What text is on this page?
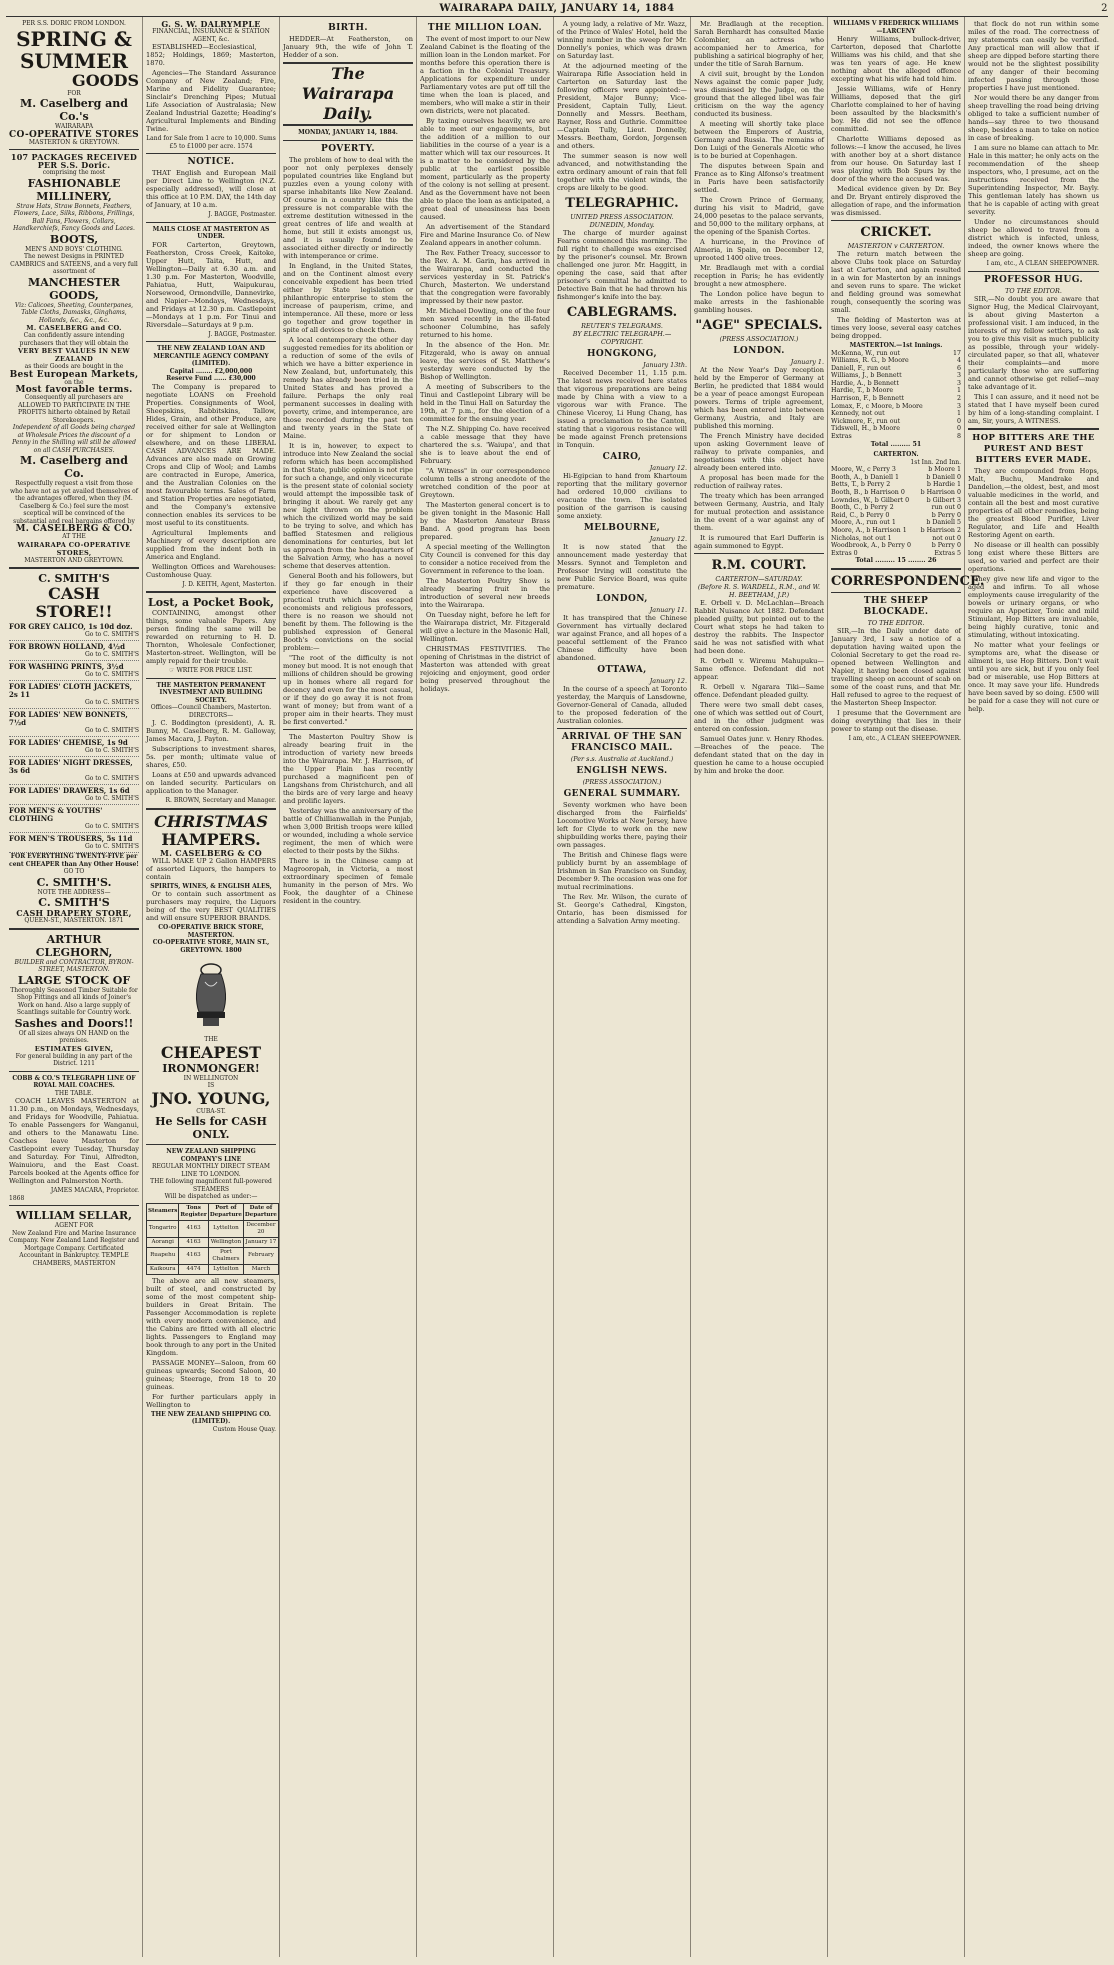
WAIRARAPA DAILY, JANUARY 14, 1884	2
PER S.S. DORIC FROM LONDON.
SPRING &
SUMMER
GOODS
FOR
M. Caselberg and Co.'s
WAIRARAPA
CO-OPERATIVE STORES
MASTERTON & GREYTOWN.
107 PACKAGES RECEIVED PER S.S. Doric.
comprising the most
FASHIONABLE
MILLINERY,
Straw Hats, Straw Bonnets, Feathers, Flowers, Lace, Silks, Ribbons, Frillings, Ball Fans, Flowers, Collars, Handkerchiefs, Fancy Goods and Laces.
BOOTS,
MEN'S AND BOYS' CLOTHING.
The newest Designs in PRINTED CAMBRICS and SATEENS, and a very full assortment of
MANCHESTER GOODS,
Viz: Calicoes, Sheeting, Counterpanes, Table Cloths, Damasks, Ginghams, Hollands, &c., &c., &c.
M. CASELBERG and CO.
Can confidently assure intending purchasers that they will obtain the
VERY BEST VALUES IN NEW ZEALAND
as their Goods are bought in the
Best European Markets,
on the
Most favorable terms.
Consequently all purchasers are ALLOWED TO PARTICIPATE IN THE PROFITS hitherto obtained by Retail Storekeepers.
Independent of all Goods being charged at Wholesale Prices the discount of a Penny in the Shilling will still be allowed on all CASH PURCHASES.
M. Caselberg and Co.
Respectfully request a visit from those who have not as yet availed themselves of the advantages offered, when they (M. Caselberg & Co.) feel sure the most sceptical will be convinced of the substantial and real bargains offered by
M. CASELBERG & CO.
AT THE
WAIRARAPA CO-OPERATIVE STORES,
MASTERTON AND GREYTOWN.
C. SMITH'S
CASH STORE!!
FOR GREY CALICO, 1s 10d doz.
Go to C. SMITH'S
FOR BROWN HOLLAND, 4½d
Go to C. SMITH'S
FOR WASHING PRINTS, 3½d
Go to C. SMITH'S
FOR LADIES' CLOTH JACKETS, 2s 11
Go to C. SMITH'S
FOR LADIES' NEW BONNETS, 7½d
Go to C. SMITH'S
FOR LADIES' CHEMISE, 1s 9d
Go to C. SMITH'S
FOR LADIES' NIGHT DRESSES, 3s 6d
Go to C. SMITH'S
FOR LADIES' DRAWERS, 1s 6d
Go to C. SMITH'S
FOR MEN'S & YOUTHS' CLOTHING
Go to C. SMITH'S
FOR MEN'S TROUSERS, 5s 11d
Go to C. SMITH'S
FOR EVERYTHING TWENTY-FIVE per cent CHEAPER than Any Other House!
GO TO
C. SMITH'S.
NOTE THE ADDRESS—
C. SMITH'S
CASH DRAPERY STORE,
QUEEN-ST., MASTERTON. 1871
ARTHUR CLEGHORN,
BUILDER and CONTRACTOR, BYRON-STREET, MASTERTON.
LARGE STOCK OF
Thoroughly Seasoned Timber Suitable for Shop Fittings and all kinds of Joiner's Work on hand. Also a large supply of Scantlings suitable for Country work.
Sashes and Doors!!
Of all sizes always ON HAND on the premises.
ESTIMATES GIVEN,
For general building in any part of the District. 1211
COBB & CO.'S TELEGRAPH LINE OF ROYAL MAIL COACHES.
THE TABLE.

COACH LEAVES MASTERTON at 11.30 p.m., on Mondays, Wednesdays, and Fridays for Woodville, Pahiatua. To enable Passengers for Wanganui, and others to the Manawatu Line. Coaches leave Masterton for Castlepoint every Tuesday, Thursday and Saturday. For Tinui, Alfredton, Wainuioru, and the East Coast. Parcels booked at the Agents office for Wellington and Palmerston North.

JAMES MACARA, Proprietor.
1868
WILLIAM SELLAR,
AGENT FOR
New Zealand Fire and Marine Insurance Company. New Zealand Land Register and Mortgage Company. Certificated Accountant in Bankruptcy. TEMPLE CHAMBERS, MASTERTON
G. S. W. DALRYMPLE
FINANCIAL, INSURANCE & STATION AGENT, &c.

ESTABLISHED—Ecclesiastical, 1852; Holdings, 1869; Masterton, 1870.

Agencies—The Standard Assurance Company of New Zealand; Fire, Marine and Fidelity Guarantee; Sinclair's Drenching Pipes; Mutual Life Association of Australasia; New Zealand Industrial Gazette; Heading's Agricultural Implements and Binding Twine.

Land for Sale from 1 acre to 10,000. Sums £5 to £1000 per acre. 1574
NOTICE.

THAT English and European Mail per Direct Line to Wellington (N.Z. especially addressed), will close at this office at 10 P.M. DAY, the 14th day of January, at 10 a.m.

J. BAGGE, Postmaster.
MAILS CLOSE AT MASTERTON AS UNDER.

FOR Carterton, Greytown, Featherston, Cross Creek, Kaitoke, Upper Hutt, Taita, Hutt, and Wellington—Daily at 6.30 a.m. and 1.30 p.m. For Masterton, Woodville, Pahiatua, Hutt, Waipukurau, Norsewood, Ormondville, Dannevirke, and Napier—Mondays, Wednesdays, and Fridays at 12.30 p.m. Castlepoint—Mondays at 1 p.m. For Tinui and Riversdale—Saturdays at 9 p.m.

J. BAGGE, Postmaster.
THE NEW ZEALAND LOAN AND MERCANTILE AGENCY COMPANY (LIMITED).
Capital ........ £2,000,000
Reserve Fund ...... £30,000

The Company is prepared to negotiate LOANS on Freehold Properties. Consignments of Wool, Sheepskins, Rabbitskins, Tallow, Hides, Grain, and other Produce, are received either for sale at Wellington or for shipment to London or elsewhere, and on these LIBERAL CASH ADVANCES ARE MADE. Advances are also made on Growing Crops and Clip of Wool; and Lambs are contracted in Europe, America, and the Australian Colonies on the most favourable terms. Sales of Farm and Station Properties are negotiated, and the Company's extensive connection enables its services to be most useful to its constituents.

Agricultural Implements and Machinery of every description are supplied from the indent both in America and England.

Wellington Offices and Warehouses: Customhouse Quay.

J. D. KEITH, Agent, Masterton.
Lost, a Pocket Book,

CONTAINING, amongst other things, some valuable Papers. Any person finding the same will be rewarded on returning to H. D. Thornton, Wholesale Confectioner, Masterton-street. Wellington, will be amply repaid for their trouble.

☞ WRITE FOR PRICE LIST.
THE MASTERTON PERMANENT INVESTMENT AND BUILDING SOCIETY.
Offices—Council Chambers, Masterton.
DIRECTORS—

J. C. Boddington (president), A. R. Bunny, M. Caselberg, R. M. Galloway, James Macara, J. Payton.

Subscriptions to investment shares, 5s. per month; ultimate value of shares, £50.

Loans at £50 and upwards advanced on landed security. Particulars on application to the Manager.

R. BROWN, Secretary and Manager.
CHRISTMAS
HAMPERS.
M. CASELBERG & CO

WILL MAKE UP 2 Gallon HAMPERS of assorted Liquors, the hampers to contain

SPIRITS, WINES, & ENGLISH ALES,

Or to contain such assortment as purchasers may require, the Liquors being of the very BEST QUALITIES and will ensure SUPERIOR BRANDS.

CO-OPERATIVE BRICK STORE, MASTERTON.
CO-OPERATIVE STORE, MAIN ST., GREYTOWN. 1800
THE
CHEAPEST
IRONMONGER!
IN WELLINGTON
IS
JNO. YOUNG,
CUBA-ST.
He Sells for CASH ONLY.
NEW ZEALAND SHIPPING COMPANY'S LINE
REGULAR MONTHLY DIRECT STEAM LINE TO LONDON.
THE following magnificent full-powered STEAMERS
Will be dispatched as under:—
Steamers	Tons Register	Port of Departure	Date of Departure
Tongariro	4163	Lyttelton	December 20
Aorangi	4163	Wellington	January 17
Ruapehu	4163	Port Chalmers	February
Kaikoura	4474	Lyttelton	March

The above are all new steamers, built of steel, and constructed by some of the most competent ship-builders in Great Britain. The Passenger Accommodation is replete with every modern convenience, and the Cabins are fitted with all electric lights. Passengers to England may book through to any port in the United Kingdom.

PASSAGE MONEY—Saloon, from 60 guineas upwards; Second Saloon, 40 guineas; Steerage, from 18 to 20 guineas.

For further particulars apply in Wellington to

THE NEW ZEALAND SHIPPING CO. (LIMITED).
Custom House Quay.
BIRTH.

HEDDER—At Featherston, on January 9th, the wife of John T. Hedder of a son.

The Wairarapa Daily.
MONDAY, JANUARY 14, 1884.
POVERTY.

The problem of how to deal with the poor not only perplexes densely populated countries like England but puzzles even a young colony with sparse inhabitants like New Zealand. Of course in a country like this the pressure is not comparable with the extreme destitution witnessed in the great centres of life and wealth at home, but still it exists amongst us, and it is usually found to be associated either directly or indirectly with intemperance or crime.

In England, in the United States, and on the Continent almost every conceivable expedient has been tried either by State legislation or philanthropic enterprise to stem the increase of pauperism, crime, and intemperance. All these, more or less go together and grow together in spite of all devices to check them.

A local contemporary the other day suggested remedies for its abolition or a reduction of some of the evils of which we have a bitter experience in New Zealand, but, unfortunately, this remedy has already been tried in the United States and has proved a failure. Perhaps the only real permanent successes in dealing with poverty, crime, and intemperance, are those recorded during the past ten and twenty years in the State of Maine.

It is in, however, to expect to introduce into New Zealand the social reform which has been accomplished in that State, public opinion is not ripe for such a change, and only vicecurate is the present state of colonial society would attempt the impossible task of bringing it about. We rarely get any new light thrown on the problem which the civilized world may be said to be trying to solve, and which has baffled Statesmen and religious denominations for centuries, but let us approach from the headquarters of the Salvation Army, who has a novel scheme that deserves attention.

General Booth and his followers, but if they go far enough in their experience have discovered a practical truth which has escaped economists and religious professors, there is no reason we should not benefit by them. The following is the published expression of General Booth's convictions on the social problem:—

"The root of the difficulty is not money but mood. It is not enough that millions of children should be growing up in homes where all regard for decency and even for the most casual, or if they do go away it is not from want of money; but from want of a proper aim in their hearts. They must be first converted."

The Masterton Poultry Show is already bearing fruit in the introduction of variety new breeds into the Wairarapa. Mr. J. Harrison, of the Upper Plain has recently purchased a magnificent pen of Langshans from Christchurch, and all the birds are of very large and heavy and prolific layers.

Yesterday was the anniversary of the battle of Chillianwallah in the Punjab, when 3,000 British troops were killed or wounded, including a whole service regiment, the men of which were elected to their posts by the Sikhs.

There is in the Chinese camp at Magrooropah, in Victoria, a most extraordinary specimen of female humanity in the person of Mrs. Wo Fook, the daughter of a Chinese resident in the country.

THE MILLION LOAN.

The event of most import to our New Zealand Cabinet is the floating of the million loan in the London market. For months before this operation there is a faction in the Colonial Treasury. Applications for expenditure under Parliamentary votes are put off till the time when the loan is placed, and members, who will make a stir in their own districts, were not placated.

By taxing ourselves heavily, we are able to meet our engagements, but the addition of a million to our liabilities in the course of a year is a matter which will tax our resources. It is a matter to be considered by the public at the earliest possible moment, particularly as the property of the colony is not selling at present. And as the Government have not been able to place the loan as anticipated, a great deal of uneasiness has been caused.

An advertisement of the Standard Fire and Marine Insurance Co. of New Zealand appears in another column.

The Rev. Father Treacy, successor to the Rev. A. M. Garin, has arrived in the Wairarapa, and conducted the services yesterday in St. Patrick's Church, Masterton. We understand that the congregation were favorably impressed by their new pastor.

Mr. Michael Dowling, one of the four men saved recently in the ill-fated schooner Columbine, has safely returned to his home.

In the absence of the Hon. Mr. Fitzgerald, who is away on annual leave, the services of St. Matthew's yesterday were conducted by the Bishop of Wellington.

A meeting of Subscribers to the Tinui and Castlepoint Library will be held in the Tinui Hall on Saturday the 19th, at 7 p.m., for the election of a committee for the ensuing year.

The N.Z. Shipping Co. have received a cable message that they have chartered the s.s. 'Waiupa', and that she is to leave about the end of February.

"A Witness" in our correspondence column tells a strong anecdote of the wretched condition of the poor at Greytown.

The Masterton general concert is to be given tonight in the Masonic Hall by the Masterton Amateur Brass Band. A good program has been prepared.

A special meeting of the Wellington City Council is convened for this day to consider a notice received from the Government in reference to the loan.

The Masterton Poultry Show is already bearing fruit in the introduction of several new breeds into the Wairarapa.

On Tuesday night, before he left for the Wairarapa district, Mr. Fitzgerald will give a lecture in the Masonic Hall, Wellington.

CHRISTMAS FESTIVITIES. The opening of Christmas in the district of Masterton was attended with great rejoicing and enjoyment, good order being preserved throughout the holidays.

A young lady, a relative of Mr. Wazz, of the Prince of Wales' Hotel, held the winning number in the sweep for Mr. Donnelly's ponies, which was drawn on Saturday last.

At the adjourned meeting of the Wairarapa Rifle Association held in Carterton on Saturday last the following officers were appointed:—President, Major Bunny; Vice-President, Captain Tully, Lieut. Donnelly and Messrs. Beetham, Rayner, Ross and Guthrie. Committee—Captain Tully, Lieut. Donnelly, Messrs. Beetham, Gordon, Jorgensen and others.

The summer season is now well advanced, and notwithstanding the extra ordinary amount of rain that fell together with the violent winds, the crops are likely to be good.

TELEGRAPHIC.
UNITED PRESS ASSOCIATION.
DUNEDIN, Monday.

The charge of murder against Fearns commenced this morning. The full right to challenge was exercised by the prisoner's counsel. Mr. Brown challenged one juror. Mr. Haggitt, in opening the case, said that after prisoner's committal he admitted to Detective Bain that he had thrown his fishmonger's knife into the bay.

CABLEGRAMS.
REUTER'S TELEGRAMS.
BY ELECTRIC TELEGRAPH.—COPYRIGHT.
HONGKONG,
January 13th.

Received December 11, 1.15 p.m. The latest news received here states that vigorous preparations are being made by China with a view to a vigorous war with France. The Chinese Viceroy, Li Hung Chang, has issued a proclamation to the Canton, stating that a vigorous resistance will be made against French pretensions in Tonquin.

CAIRO,
January 12.

Hi-Egipcian to hand from Khartoum reporting that the military governor had ordered 10,000 civilians to evacuate the town. The isolated position of the garrison is causing some anxiety.

MELBOURNE,
January 12.

It is now stated that the announcement made yesterday that Messrs. Synnot and Templeton and Professor Irving will constitute the new Public Service Board, was quite premature.

LONDON,
January 11.

It has transpired that the Chinese Government has virtually declared war against France, and all hopes of a peaceful settlement of the Franco Chinese difficulty have been abandoned.

OTTAWA,
January 12.

In the course of a speech at Toronto yesterday, the Marquis of Lansdowne, Governor-General of Canada, alluded to the proposed federation of the Australian colonies.

ARRIVAL OF THE SAN FRANCISCO MAIL.
(Per s.s. Australia at Auckland.)
ENGLISH NEWS.
(PRESS ASSOCIATION.)
GENERAL SUMMARY.

Seventy workmen who have been discharged from the Fairfields' Locomotive Works at New Jersey, have left for Clyde to work on the new shipbuilding works there, paying their own passages.

The British and Chinese flags were publicly burnt by an assemblage of Irishmen in San Francisco on Sunday, December 9. The occasion was one for mutual recriminations.

The Rev. Mr. Wilson, the curate of St. George's Cathedral, Kingston, Ontario, has been dismissed for attending a Salvation Army meeting.

Mr. Bradlaugh at the reception. Sarah Bernhardt has consulted Maxie Colombier, an actress who accompanied her to America, for publishing a satirical biography of her, under the title of Sarah Barnum.

A civil suit, brought by the London News against the comic paper Judy, was dismissed by the Judge, on the ground that the alleged libel was fair criticism on the way the agency conducted its business.

A meeting will shortly take place between the Emperors of Austria, Germany and Russia. The remains of Don Luigi of the Generals Alcetic who is to be buried at Copenhagen.

The disputes between Spain and France as to King Alfonso's treatment in Paris have been satisfactorily settled.

The Crown Prince of Germany, during his visit to Madrid, gave 24,000 pesetas to the palace servants, and 50,000 to the military orphans, at the opening of the Spanish Cortes.

A hurricane, in the Province of Almeria, in Spain, on December 12, uprooted 1400 olive trees.

Mr. Bradlaugh met with a cordial reception in Paris; he has evidently brought a new atmosphere.

The London police have begun to make arrests in the fashionable gambling houses.

"AGE" SPECIALS.
(PRESS ASSOCIATION.)
LONDON.
January 1.

At the New Year's Day reception held by the Emperor of Germany at Berlin, he predicted that 1884 would be a year of peace amongst European powers. Terms of triple agreement, which has been entered into between Germany, Austria, and Italy are published this morning.

The French Ministry have decided upon asking Government leave of railway to private companies, and negotiations with this object have already been entered into.

A proposal has been made for the reduction of railway rates.

The treaty which has been arranged between Germany, Austria, and Italy for mutual protection and assistance in the event of a war against any of them.

It is rumoured that Earl Dufferin is again summoned to Egypt.

R.M. COURT.
CARTERTON—SATURDAY.
(Before R. S. WARDELL, R.M., and W. H. BEETHAM, J.P.)

E. Orbell v. D. McLachlan—Breach Rabbit Nuisance Act 1882. Defendant pleaded guilty, but pointed out to the Court what steps he had taken to destroy the rabbits. The Inspector said he was not satisfied with what had been done.

R. Orbell v. Wiremu Mahupuku—Same offence. Defendant did not appear.

R. Orbell v. Ngarara Tiki—Same offence. Defendant pleaded guilty.

There were two small debt cases, one of which was settled out of Court, and in the other judgment was entered on confession.

Samuel Oates junr. v. Henry Rhodes. —Breaches of the peace. The defendant stated that on the day in question he came to a house occupied by him and broke the door.

WILLIAMS V FREDERICK WILLIAMS—LARCENY

Henry Williams, bullock-driver, Carterton, deposed that Charlotte Williams was his child, and that she was ten years of age. He knew nothing about the alleged offence excepting what his wife had told him.

Jessie Williams, wife of Henry Williams, deposed that the girl Charlotte complained to her of having been assaulted by the blacksmith's boy. He did not see the offence committed.

Charlotte Williams deposed as follows:—I know the accused, he lives with another boy at a short distance from our house. On Saturday last I was playing with Bob Spurs by the door of the where the accused was.

Medical evidence given by Dr. Bey and Dr. Bryant entirely disproved the allegation of rape, and the information was dismissed.

CRICKET.
MASTERTON v CARTERTON.

The return match between the above Clubs took place on Saturday last at Carterton, and again resulted in a win for Masterton by an innings and seven runs to spare. The wicket and fielding ground was somewhat rough, consequently the scoring was small.

The fielding of Masterton was at times very loose, several easy catches being dropped.

MASTERTON.—1st Innings.
McKenna, W., run out	17
Williams, R. G., b Moore	4
Daniell, F., run out	6
Williams, J., b Bennett	3
Hardie, A., b Bennett	3
Hardie, T., b Moore	1
Harrison, F., b Bennett	2
Lomax, F., c Moore, b Moore	3
Kennedy, not out	1
Wickmore, F., run out	0
Tidswell, H., b Moore	0
Extras	8
Total ......... 51
CARTERTON.
1st Inn. 2nd Inn.
Moore, W., c Perry 3	b Moore 1
Booth, A., b Daniell 1	b Daniell 0
Betts, T., b Perry 2	b Hardie 1
Booth, B., b Harrison 0	b Harrison 0
Lowndes, W., b Gilbert 0	b Gilbert 3
Booth, C., b Perry 2	run out 0
Reid, C., b Perry 0	b Perry 0
Moore, A., run out 1	b Daniell 5
Moore, A., b Harrison 1 b Harrison 2
Nicholas, not out 1	not out 0
Woodbrook, A., b Perry 0	b Perry 0
Extras 0	Extras 5
Total ......... 15 ........ 26
CORRESPONDENCE.
THE SHEEP BLOCKADE.
TO THE EDITOR.

SIR,—In the Daily under date of January 3rd, I saw a notice of a deputation having waited upon the Colonial Secretary to get the road re-opened between Wellington and Napier, it having been closed against travelling sheep on account of scab on some of the coast runs, and that Mr. Hall refused to agree to the request of the Masterton Sheep Inspector.

I presume that the Government are doing everything that lies in their power to stamp out the disease.

I am, etc., A CLEAN SHEEPOWNER.

that flock do not run within some miles of the road. The correctness of my statements can easily be verified. Any practical man will allow that if sheep are dipped before starting there would not be the slightest possibility of any danger of their becoming infected passing through those properties I have just mentioned.

Nor would there be any danger from sheep travelling the road being driving obliged to take a sufficient number of hands—say three to two thousand sheep, besides a man to take on notice in case of breaking.

I am sure no blame can attach to Mr. Hale in this matter; he only acts on the recommendation of the sheep inspectors, who, I presume, act on the instructions received from the Superintending Inspector, Mr. Bayly. This gentleman lately has shown us that he is capable of acting with great severity.

Under no circumstances should sheep be allowed to travel from a district which is infected, unless, indeed, the owner knows where the sheep are going.

I am, etc., A CLEAN SHEEPOWNER.
PROFESSOR HUG.
TO THE EDITOR.

SIR,—No doubt you are aware that Signor Hug, the Medical Clairvoyant, is about giving Masterton a professional visit. I am induced, in the interests of my fellow settlers, to ask you to give this visit as much publicity as possible, through your widely-circulated paper, so that all, whatever their complaints—and more particularly those who are suffering and cannot otherwise get relief—may take advantage of it.

This I can assure, and it need not be stated that I have myself been cured by him of a long-standing complaint. I am, Sir, yours, A WITNESS.

HOP BITTERS ARE THE PUREST AND BEST BITTERS EVER MADE.

They are compounded from Hops, Malt, Buchu, Mandrake and Dandelion,—the oldest, best, and most valuable medicines in the world, and contain all the best and most curative properties of all other remedies, being the greatest Blood Purifier, Liver Regulator, and Life and Health Restoring Agent on earth.

No disease or ill health can possibly long exist where these Bitters are used, so varied and perfect are their operations.

They give new life and vigor to the aged and infirm. To all whose employments cause irregularity of the bowels or urinary organs, or who require an Appetizer, Tonic and mild Stimulant, Hop Bitters are invaluable, being highly curative, tonic and stimulating, without intoxicating.

No matter what your feelings or symptoms are, what the disease or ailment is, use Hop Bitters. Don't wait until you are sick, but if you only feel bad or miserable, use Hop Bitters at once. It may save your life. Hundreds have been saved by so doing. £500 will be paid for a case they will not cure or help.
